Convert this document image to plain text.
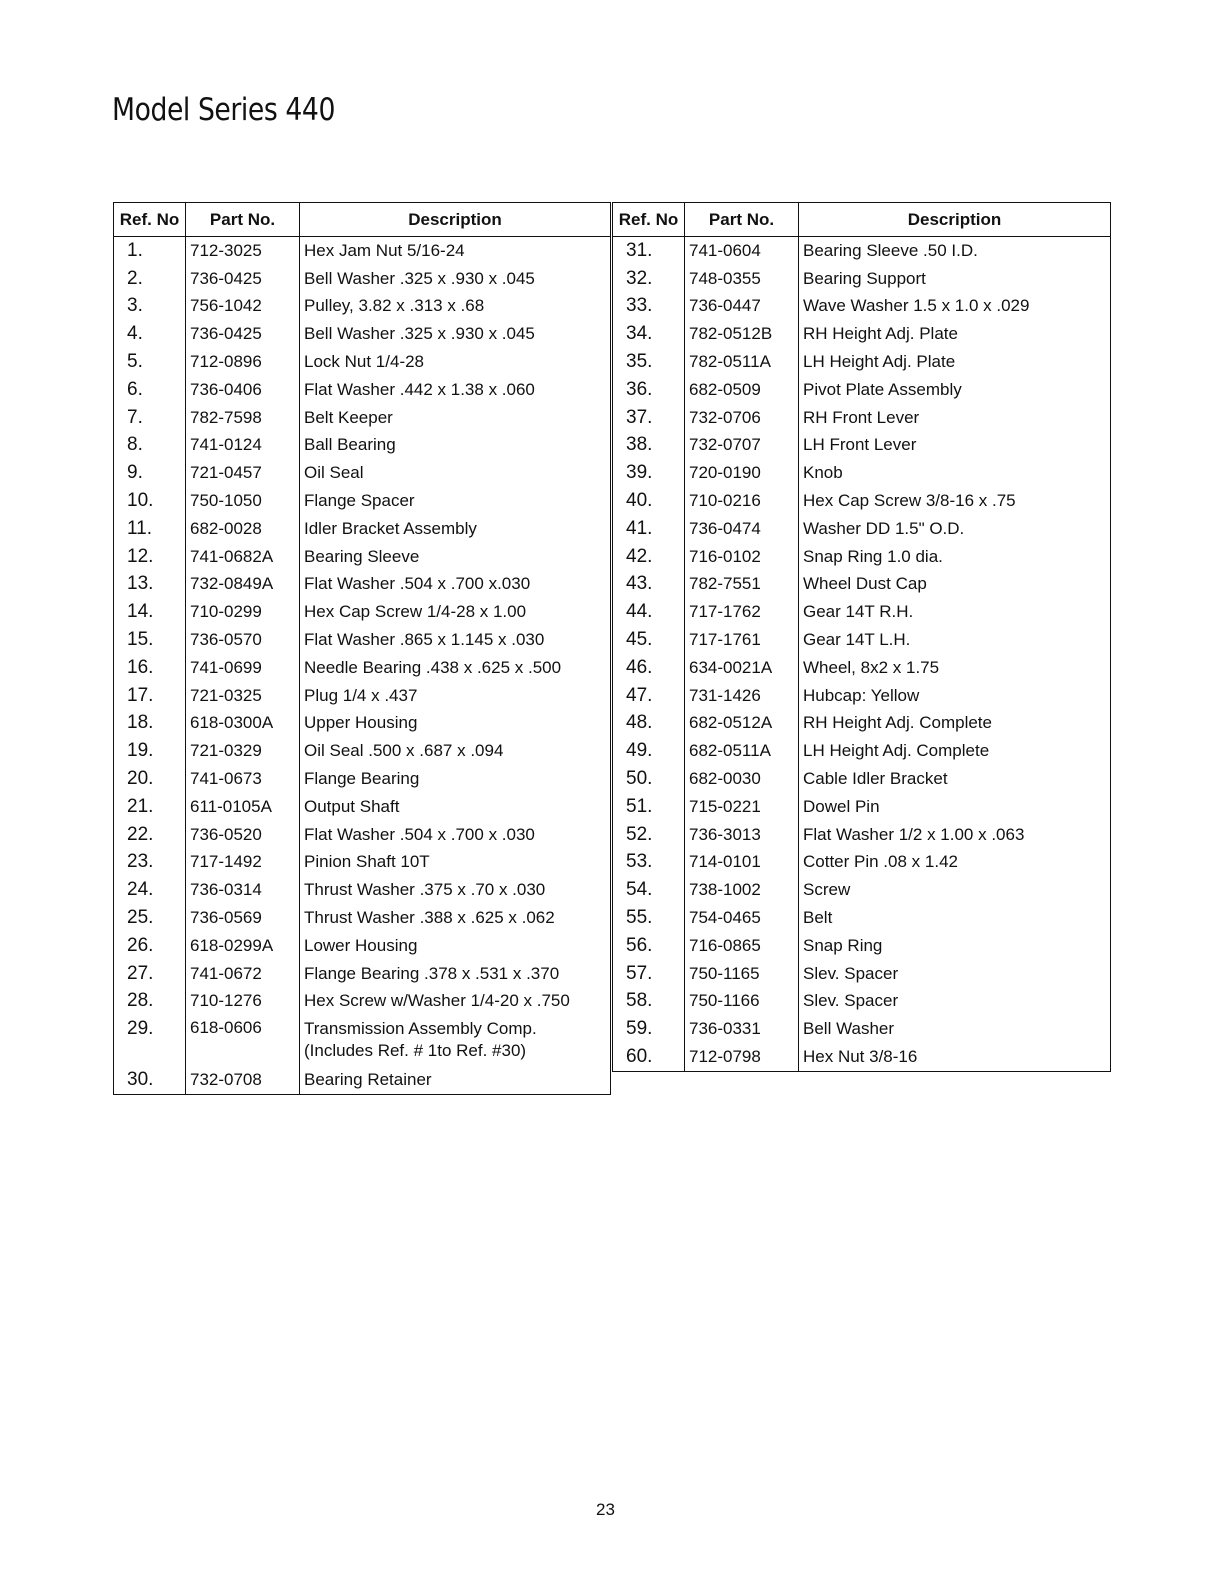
Model Series 440
Ref. No	Part No.	Description
1.	712-3025	Hex Jam Nut 5/16-24
2.	736-0425	Bell Washer .325 x .930 x .045
3.	756-1042	Pulley, 3.82 x .313 x .68
4.	736-0425	Bell Washer .325 x .930 x .045
5.	712-0896	Lock Nut 1/4-28
6.	736-0406	Flat Washer .442 x 1.38 x .060
7.	782-7598	Belt Keeper
8.	741-0124	Ball Bearing
9.	721-0457	Oil Seal
10.	750-1050	Flange Spacer
11.	682-0028	Idler Bracket Assembly
12.	741-0682A	Bearing Sleeve
13.	732-0849A	Flat Washer .504 x .700 x.030
14.	710-0299	Hex Cap Screw 1/4-28 x 1.00
15.	736-0570	Flat Washer .865 x 1.145 x .030
16.	741-0699	Needle Bearing .438 x .625 x .500
17.	721-0325	Plug 1/4 x .437
18.	618-0300A	Upper Housing
19.	721-0329	Oil Seal .500 x .687 x .094
20.	741-0673	Flange Bearing
21.	611-0105A	Output Shaft
22.	736-0520	Flat Washer .504 x .700 x .030
23.	717-1492	Pinion Shaft 10T
24.	736-0314	Thrust Washer .375 x .70 x .030
25.	736-0569	Thrust Washer .388 x .625 x .062
26.	618-0299A	Lower Housing
27.	741-0672	Flange Bearing .378 x .531 x .370
28.	710-1276	Hex Screw w/Washer 1/4-20 x .750
29.	618-0606	Transmission Assembly Comp.
(Includes Ref. # 1to Ref. #30)
30.	732-0708	Bearing Retainer
Ref. No	Part No.	Description
31.	741-0604	Bearing Sleeve .50 I.D.
32.	748-0355	Bearing Support
33.	736-0447	Wave Washer 1.5 x 1.0 x .029
34.	782-0512B	RH Height Adj. Plate
35.	782-0511A	LH Height Adj. Plate
36.	682-0509	Pivot Plate Assembly
37.	732-0706	RH Front Lever
38.	732-0707	LH Front Lever
39.	720-0190	Knob
40.	710-0216	Hex Cap Screw 3/8-16 x .75
41.	736-0474	Washer DD 1.5" O.D.
42.	716-0102	Snap Ring 1.0 dia.
43.	782-7551	Wheel Dust Cap
44.	717-1762	Gear 14T R.H.
45.	717-1761	Gear 14T L.H.
46.	634-0021A	Wheel, 8x2 x 1.75
47.	731-1426	Hubcap: Yellow
48.	682-0512A	RH Height Adj. Complete
49.	682-0511A	LH Height Adj. Complete
50.	682-0030	Cable Idler Bracket
51.	715-0221	Dowel Pin
52.	736-3013	Flat Washer 1/2 x 1.00 x .063
53.	714-0101	Cotter Pin .08 x 1.42
54.	738-1002	Screw
55.	754-0465	Belt
56.	716-0865	Snap Ring
57.	750-1165	Slev. Spacer
58.	750-1166	Slev. Spacer
59.	736-0331	Bell Washer
60.	712-0798	Hex Nut 3/8-16
23
